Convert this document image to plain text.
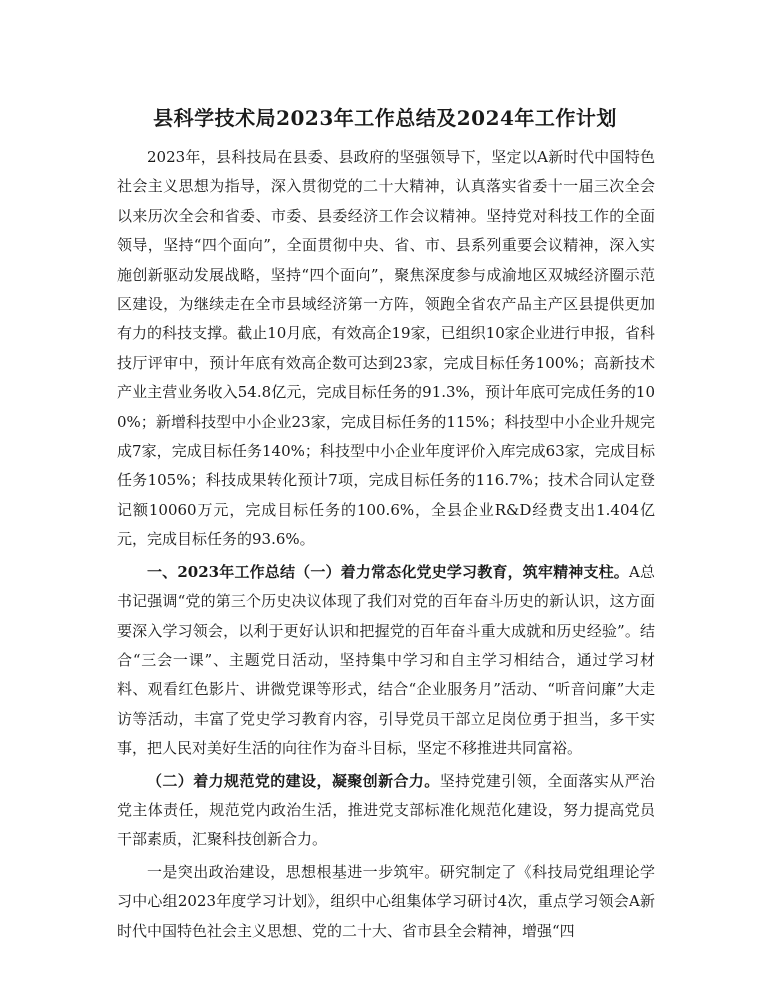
县科学技术局2023年工作总结及2024年工作计划

2023年，县科技局在县委、县政府的坚强领导下，坚定以A新时代中国特色社会主义思想为指导，深入贯彻党的二十大精神，认真落实省委十一届三次全会以来历次全会和省委、市委、县委经济工作会议精神。坚持党对科技工作的全面领导，坚持“四个面向”，全面贯彻中央、省、市、县系列重要会议精神，深入实施创新驱动发展战略，坚持“四个面向”，聚焦深度参与成渝地区双城经济圈示范区建设，为继续走在全市县域经济第一方阵，领跑全省农产品主产区县提供更加有力的科技支撑。截止10月底，有效高企19家，已组织10家企业进行申报，省科技厅评审中，预计年底有效高企数可达到23家，完成目标任务100%；高新技术产业主营业务收入54.8亿元，完成目标任务的91.3%，预计年底可完成任务的100%；新增科技型中小企业23家，完成目标任务的115%；科技型中小企业升规完成7家，完成目标任务140%；科技型中小企业年度评价入库完成63家，完成目标任务105%；科技成果转化预计7项，完成目标任务的116.7%；技术合同认定登记额10060万元，完成目标任务的100.6%，全县企业R&D经费支出1.404亿元，完成目标任务的93.6%。

一、2023年工作总结（一）着力常态化党史学习教育，筑牢精神支柱。A总书记强调“党的第三个历史决议体现了我们对党的百年奋斗历史的新认识，这方面要深入学习领会，以利于更好认识和把握党的百年奋斗重大成就和历史经验”。结合“三会一课”、主题党日活动，坚持集中学习和自主学习相结合，通过学习材料、观看红色影片、讲微党课等形式，结合“企业服务月”活动、“听音问廉”大走访等活动，丰富了党史学习教育内容，引导党员干部立足岗位勇于担当，多干实事，把人民对美好生活的向往作为奋斗目标，坚定不移推进共同富裕。

（二）着力规范党的建设，凝聚创新合力。坚持党建引领，全面落实从严治党主体责任，规范党内政治生活，推进党支部标准化规范化建设，努力提高党员干部素质，汇聚科技创新合力。

一是突出政治建设，思想根基进一步筑牢。研究制定了《科技局党组理论学习中心组2023年度学习计划》，组织中心组集体学习研讨4次，重点学习领会A新时代中国特色社会主义思想、党的二十大、省市县全会精神，增强“四
